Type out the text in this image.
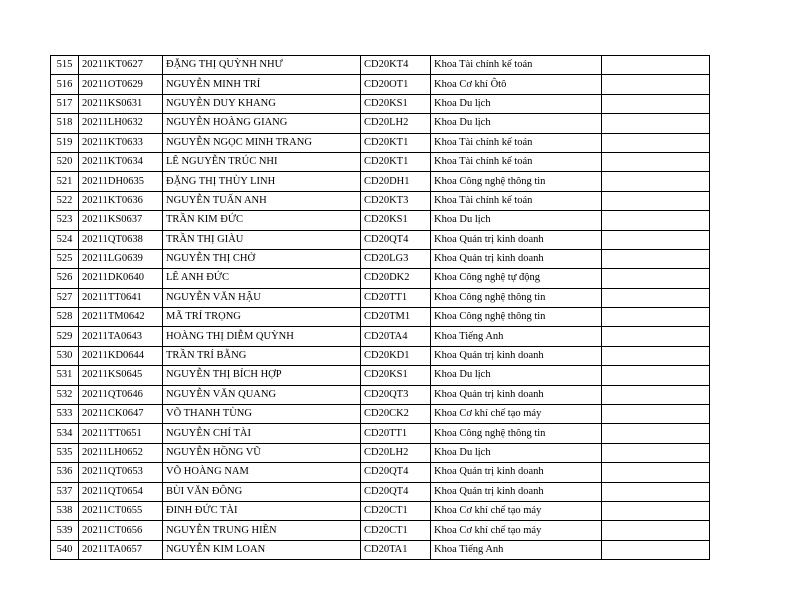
515	20211KT0627	ĐẶNG THỊ QUỲNH NHƯ	CD20KT4	Khoa Tài chính kế toán	
516	20211OT0629	NGUYỄN MINH TRÍ	CD20OT1	Khoa Cơ khí Ôtô	
517	20211KS0631	NGUYỄN DUY KHANG	CD20KS1	Khoa Du lịch	
518	20211LH0632	NGUYỄN HOÀNG GIANG	CD20LH2	Khoa Du lịch	
519	20211KT0633	NGUYỄN NGỌC MINH TRANG	CD20KT1	Khoa Tài chính kế toán	
520	20211KT0634	LÊ NGUYỄN TRÚC NHI	CD20KT1	Khoa Tài chính kế toán	
521	20211DH0635	ĐẶNG THỊ THÙY LINH	CD20DH1	Khoa Công nghệ thông tin	
522	20211KT0636	NGUYỄN TUẤN ANH	CD20KT3	Khoa Tài chính kế toán	
523	20211KS0637	TRẦN KIM ĐỨC	CD20KS1	Khoa Du lịch	
524	20211QT0638	TRẦN THỊ GIÀU	CD20QT4	Khoa Quản trị kinh doanh	
525	20211LG0639	NGUYỄN THỊ CHỞ	CD20LG3	Khoa Quản trị kinh doanh	
526	20211DK0640	LÊ ANH ĐỨC	CD20DK2	Khoa Công nghệ tự động	
527	20211TT0641	NGUYỄN VĂN HẬU	CD20TT1	Khoa Công nghệ thông tin	
528	20211TM0642	MÃ TRÍ TRỌNG	CD20TM1	Khoa Công nghệ thông tin	
529	20211TA0643	HOÀNG THỊ DIỄM QUỲNH	CD20TA4	Khoa Tiếng Anh	
530	20211KD0644	TRẦN TRÍ BẰNG	CD20KD1	Khoa Quản trị kinh doanh	
531	20211KS0645	NGUYỄN THỊ BÍCH HỢP	CD20KS1	Khoa Du lịch	
532	20211QT0646	NGUYỄN VĂN QUANG	CD20QT3	Khoa Quản trị kinh doanh	
533	20211CK0647	VÕ THANH TÙNG	CD20CK2	Khoa Cơ khí chế tạo máy	
534	20211TT0651	NGUYỄN CHÍ TÀI	CD20TT1	Khoa Công nghệ thông tin	
535	20211LH0652	NGUYỄN HỒNG VŨ	CD20LH2	Khoa Du lịch	
536	20211QT0653	VÕ HOÀNG NAM	CD20QT4	Khoa Quản trị kinh doanh	
537	20211QT0654	BÙI VĂN ĐÔNG	CD20QT4	Khoa Quản trị kinh doanh	
538	20211CT0655	ĐINH ĐỨC TÀI	CD20CT1	Khoa Cơ khí chế tạo máy	
539	20211CT0656	NGUYỄN TRUNG HIỀN	CD20CT1	Khoa Cơ khí chế tạo máy	
540	20211TA0657	NGUYỄN KIM LOAN	CD20TA1	Khoa Tiếng Anh	
